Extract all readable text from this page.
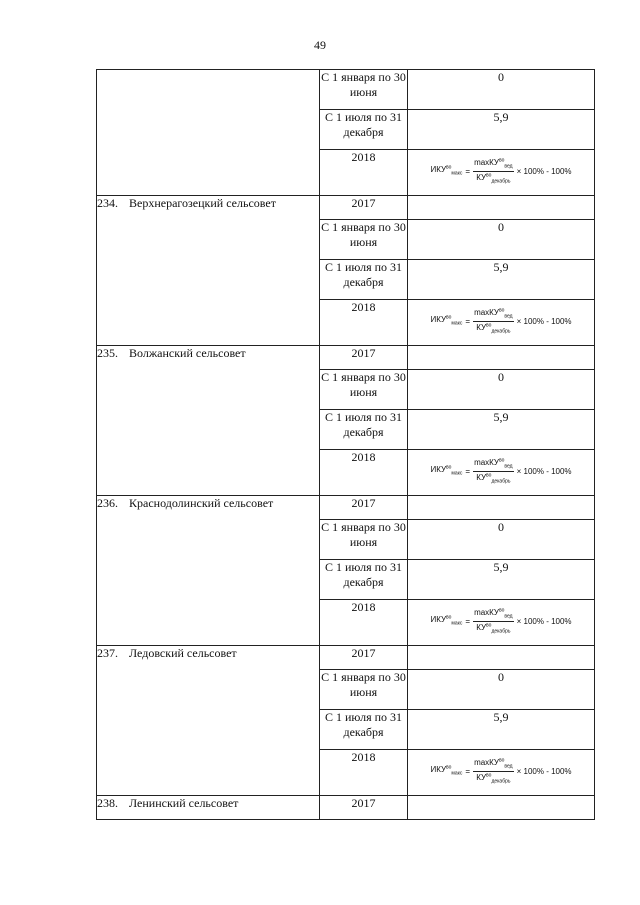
49
	С 1 января по 30 июня	0
	С 1 июля по 31 декабря	5,9
	2018	$ИКУ^{во}_{макс} = \frac{\max КУ^{во}_{вед}}{КУ^{во}_{декабрь}} \times 100\% - 100\%$

234. Верхнерагозецкий сельсовет	2017	
	С 1 января по 30 июня	0
	С 1 июля по 31 декабря	5,9
	2018	$ИКУ^{во}_{макс} = \frac{\max КУ^{во}_{вед}}{КУ^{во}_{декабрь}} \times 100\% - 100\%$

235. Волжанский сельсовет	2017	
	С 1 января по 30 июня	0
	С 1 июля по 31 декабря	5,9
	2018	$ИКУ^{во}_{макс} = \frac{\max КУ^{во}_{вед}}{КУ^{во}_{декабрь}} \times 100\% - 100\%$

236. Краснодолинский сельсовет	2017	
	С 1 января по 30 июня	0
	С 1 июля по 31 декабря	5,9
	2018	$ИКУ^{во}_{макс} = \frac{\max КУ^{во}_{вед}}{КУ^{во}_{декабрь}} \times 100\% - 100\%$

237. Ледовский сельсовет	2017	
	С 1 января по 30 июня	0
	С 1 июля по 31 декабря	5,9
	2018	$ИКУ^{во}_{макс} = \frac{\max КУ^{во}_{вед}}{КУ^{во}_{декабрь}} \times 100\% - 100\%$

238. Ленинский сельсовет	2017	
